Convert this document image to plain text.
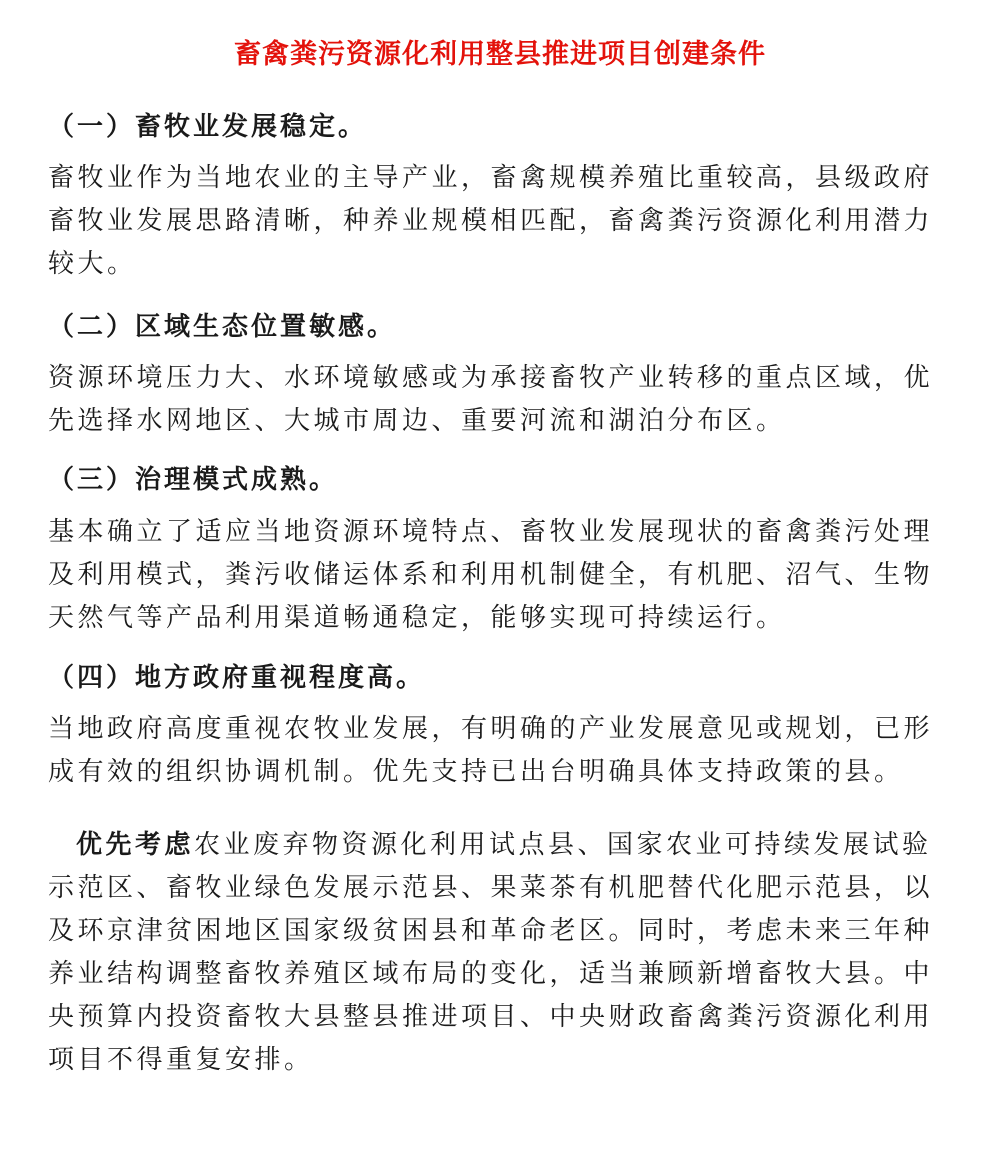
畜禽粪污资源化利用整县推进项目创建条件
（一）畜牧业发展稳定。
畜牧业作为当地农业的主导产业，畜禽规模养殖比重较高，县级政府
畜牧业发展思路清晰，种养业规模相匹配，畜禽粪污资源化利用潜力
较大。
（二）区域生态位置敏感。
资源环境压力大、水环境敏感或为承接畜牧产业转移的重点区域，优
先选择水网地区、大城市周边、重要河流和湖泊分布区。
（三）治理模式成熟。
基本确立了适应当地资源环境特点、畜牧业发展现状的畜禽粪污处理
及利用模式，粪污收储运体系和利用机制健全，有机肥、沼气、生物
天然气等产品利用渠道畅通稳定，能够实现可持续运行。
（四）地方政府重视程度高。
当地政府高度重视农牧业发展，有明确的产业发展意见或规划，已形
成有效的组织协调机制。优先支持已出台明确具体支持政策的县。
优先考虑农业废弃物资源化利用试点县、国家农业可持续发展试验
示范区、畜牧业绿色发展示范县、果菜茶有机肥替代化肥示范县，以
及环京津贫困地区国家级贫困县和革命老区。同时，考虑未来三年种
养业结构调整畜牧养殖区域布局的变化，适当兼顾新增畜牧大县。中
央预算内投资畜牧大县整县推进项目、中央财政畜禽粪污资源化利用
项目不得重复安排。
